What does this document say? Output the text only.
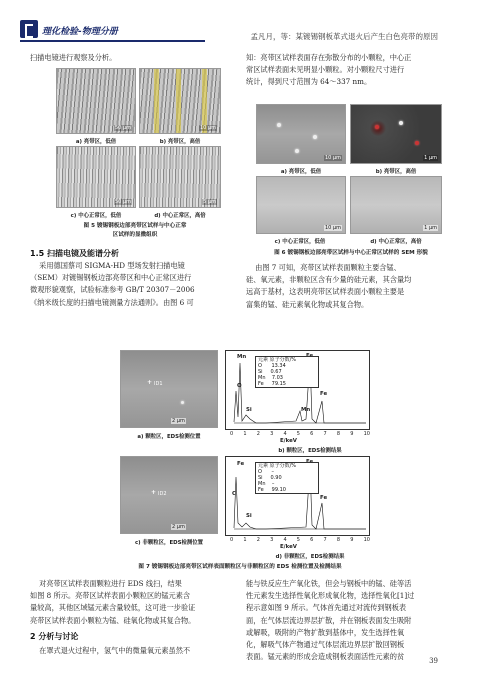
理化检验-物理分册	孟凡月，等：某镀锡钢板革式退火后产生白色亮带的原因
扫描电镜进行观察及分析。
50 μm	10 μm
a) 亮带区，低倍	b) 亮带区，高倍
50 μm	5 μm
c) 中心正常区，低倍	d) 中心正常区，高倍
图 5 镀锡钢板边部亮带区试样与中心正常
区试样的显微组织
1.5 扫描电镜及能谱分析
采用德国蔡司 SIGMA-HD 型场发射扫描电镜
（SEM）对镀锡钢板边部亮带区和中心正常区进行
微观形貌观察，试验标准参考 GB/T 20307－2006
《纳米级长度的扫描电镜测量方法通则》。由图 6 可
知：亮带区试样表面存在弥散分布的小颗粒，中心正
常区试样表面未见明显小颗粒。对小颗粒尺寸进行
统计，得到尺寸范围为 64～337 nm。
10 μm	1 μm
a) 亮带区，低倍	b) 亮带区，高倍
10 μm	1 μm
c) 中心正常区，低倍	d) 中心正常区，高倍
图 6 镀锡钢板边部亮带区试样与中心正常区试样的 SEM 形貌
由图 7 可知，亮带区试样表面颗粒主要含锰、
硅、氧元素，非颗粒区含有少量的硅元素，其含量均
远高于基材，这表明亮带区试样表面小颗粒主要是
富集的锰、硅元素氧化物或其复合物。
+ ID1
2 μm
a) 颗粒区，EDS检测位置
Mn
O
Si	Mn
Fe
元素 原子分数/%
O 13.34
Si 0.67
Mn 7.03
Fe 79.15
0 1 2 3 4 5 6 7 8 9 10
E/keV
b) 颗粒区，EDS检测结果
+ ID2
2 μm
c) 非颗粒区，EDS检测位置
Fe
C
Si
Fe
元素 原子分数/%
O –
Si 0.90
Mn –
Fe 99.10
0 1 2 3 4 5 6 7 8 9 10
E/keV
d) 非颗粒区，EDS检测结果
图 7 镀锡钢板边部亮带区试样表面颗粒区与非颗粒区的 EDS 检测位置及检测结果
对亮带区试样表面颗粒进行 EDS 线扫，结果
如图 8 所示。亮带区试样表面小颗粒区的锰元素含
量较高，其他区域锰元素含量较低，这可进一步验证
亮带区试样表面小颗粒为锰、硅氧化物或其复合物。
2 分析与讨论
在罩式退火过程中，氢气中的微量氧元素虽然不
能与铁反应生产氧化铁，但会与钢板中的锰、硅等活
性元素发生选择性氧化形成氧化物，选择性氧化[1]过
程示意如图 9 所示。气体首先通过对流传到钢板表
面，在气体层流边界层扩散，并在钢板表面发生吸附
或解吸，吸附的产物扩散到基体中，发生选择性氧
化，解吸气体产物通过气体层流边界层扩散回钢板
表面。锰元素的形成会造成钢板表面活性元素的贫	39
